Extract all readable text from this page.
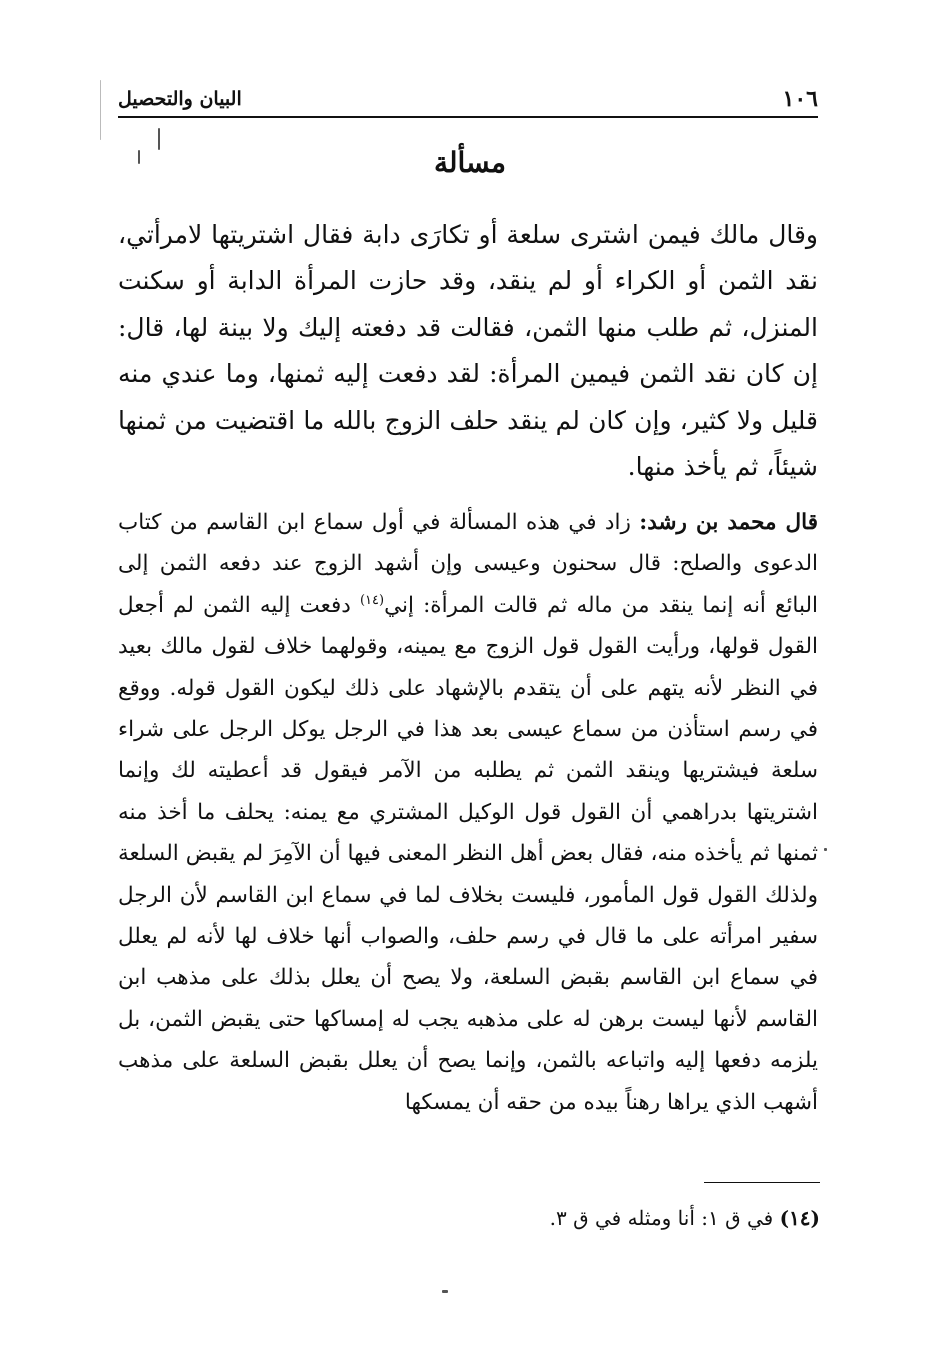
١٠٦
البيان والتحصيل
مسألة

وقال مالك فيمن اشترى سلعة أو تكارَى دابة فقال اشتريتها لامرأتي، نقد الثمن أو الكراء أو لم ينقد، وقد حازت المرأة الدابة أو سكنت المنزل، ثم طلب منها الثمن، فقالت قد دفعته إليك ولا بينة لها، قال: إن كان نقد الثمن فيمين المرأة: لقد دفعت إليه ثمنها، وما عندي منه قليل ولا كثير، وإن كان لم ينقد حلف الزوج بالله ما اقتضيت من ثمنها شيئاً، ثم يأخذ منها.

قال محمد بن رشد: زاد في هذه المسألة في أول سماع ابن القاسم من كتاب الدعوى والصلح: قال سحنون وعيسى وإن أشهد الزوج عند دفعه الثمن إلى البائع أنه إنما ينقد من ماله ثم قالت المرأة: إني$^{(١٤)}$ دفعت إليه الثمن لم أجعل القول قولها، ورأيت القول قول الزوج مع يمينه، وقولهما خلاف لقول مالك بعيد في النظر لأنه يتهم على أن يتقدم بالإشهاد على ذلك ليكون القول قوله. ووقع في رسم استأذن من سماع عيسى بعد هذا في الرجل يوكل الرجل على شراء سلعة فيشتريها وينقد الثمن ثم يطلبه من الآمر فيقول قد أعطيته لك وإنما اشتريتها بدراهمي أن القول قول الوكيل المشتري مع يمنه: يحلف ما أخذ منه ثمنها ثم يأخذه منه، فقال بعض أهل النظر المعنى فيها أن الآمِرَ لم يقبض السلعة ولذلك القول قول المأمور، فليست بخلاف لما في سماع ابن القاسم لأن الرجل سفير امرأته على ما قال في رسم حلف، والصواب أنها خلاف لها لأنه لم يعلل في سماع ابن القاسم بقبض السلعة، ولا يصح أن يعلل بذلك على مذهب ابن القاسم لأنها ليست برهن له على مذهبه يجب له إمساكها حتى يقبض الثمن، بل يلزمه دفعها إليه واتباعه بالثمن، وإنما يصح أن يعلل بقبض السلعة على مذهب أشهب الذي يراها رهناً بيده من حقه أن يمسكها

(١٤) في ق ١: أنا ومثله في ق ٣.
